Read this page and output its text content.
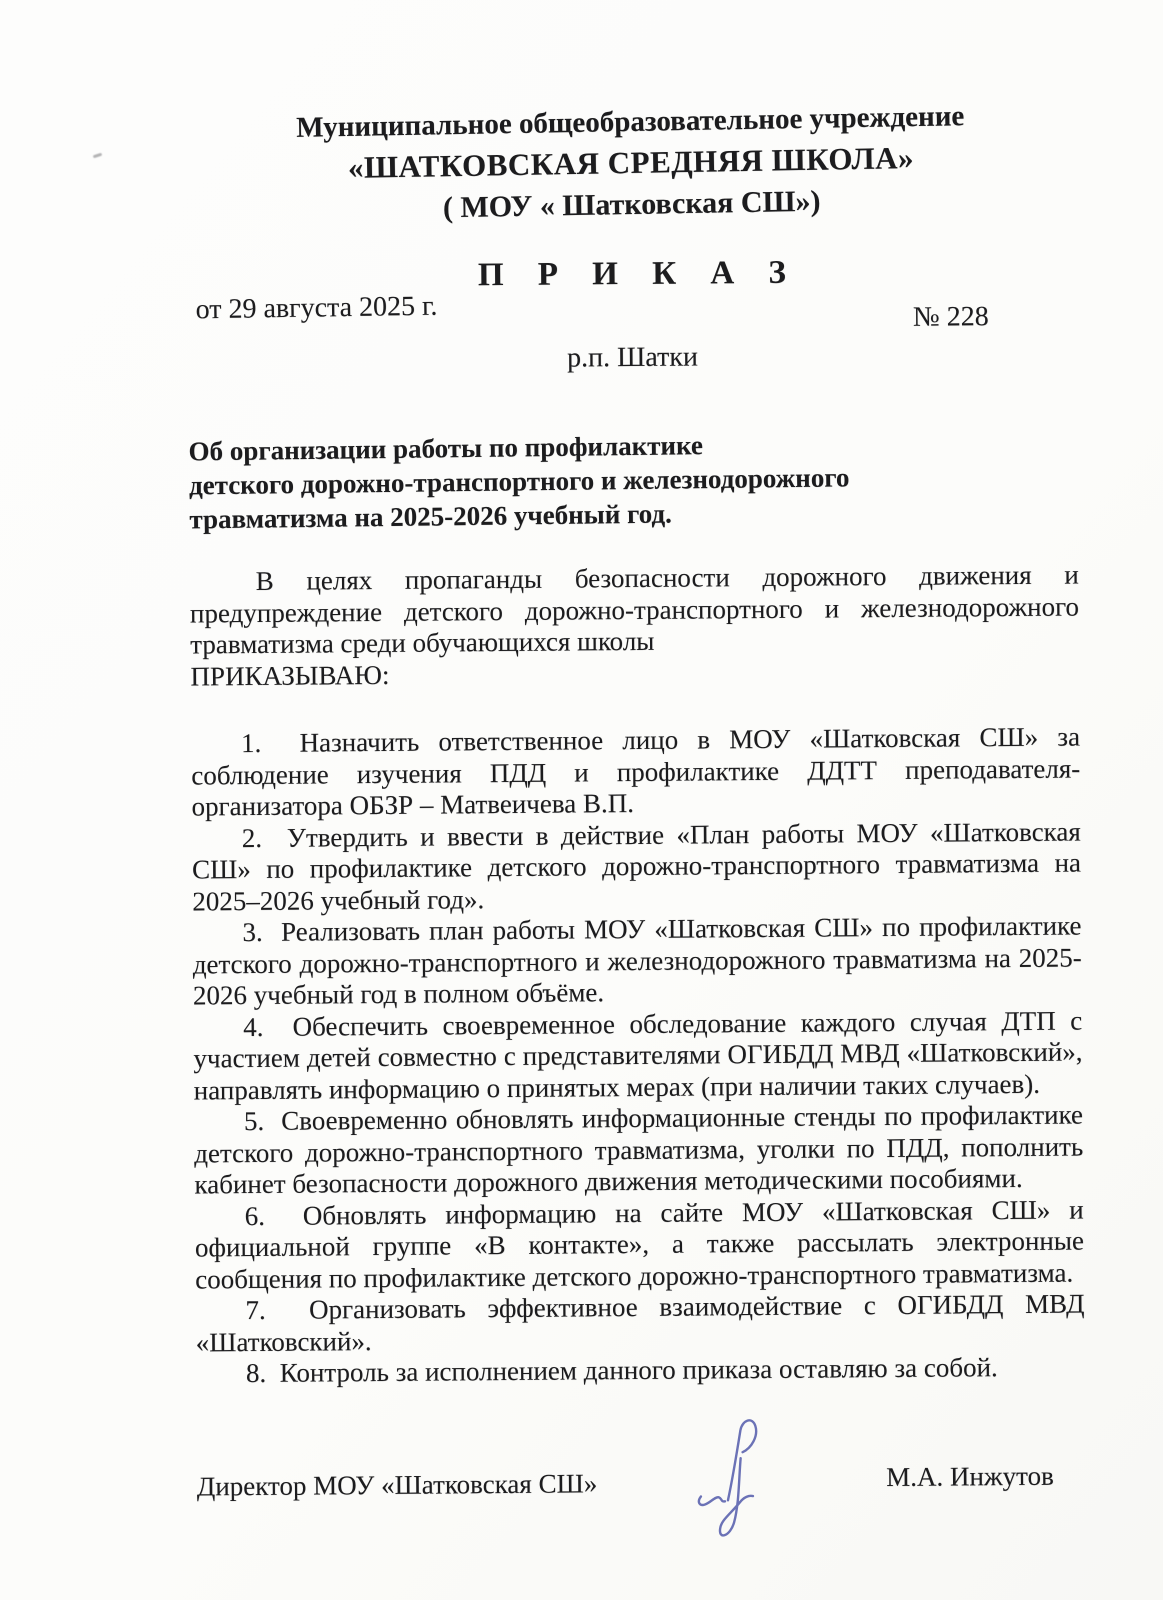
Муниципальное общеобразовательное учреждение
«ШАТКОВСКАЯ СРЕДНЯЯ ШКОЛА»
( МОУ « Шатковская СШ»)
П Р И К А З
от 29 августа 2025 г.	№ 228
р.п. Шатки
Об организации работы по профилактике
детского дорожно-транспортного и железнодорожного
травматизма на 2025-2026 учебный год.

В целях пропаганды безопасности дорожного движения и предупреждение детского дорожно-транспортного и железнодорожного травматизма среди обучающихся школы

ПРИКАЗЫВАЮ:

1.  Назначить ответственное лицо в МОУ «Шатковская СШ» за соблюдение изучения ПДД и профилактике ДДТТ преподавателя-организатора ОБЗР – Матвеичева В.П.

2.  Утвердить и ввести в действие «План работы МОУ «Шатковская СШ» по профилактике детского дорожно-транспортного травматизма на 2025–2026 учебный год».

3.  Реализовать план работы МОУ «Шатковская СШ» по профилактике детского дорожно-транспортного и железнодорожного травматизма на 2025-2026 учебный год в полном объёме.

4.  Обеспечить своевременное обследование каждого случая ДТП с участием детей совместно с представителями ОГИБДД МВД «Шатковский», направлять информацию о принятых мерах (при наличии таких случаев).

5.  Своевременно обновлять информационные стенды по профилактике детского дорожно-транспортного травматизма, уголки по ПДД, пополнить кабинет безопасности дорожного движения методическими пособиями.

6.  Обновлять информацию на сайте МОУ «Шатковская СШ» и официальной группе «В контакте», а также рассылать электронные сообщения по профилактике детского дорожно-транспортного травматизма.

7.  Организовать эффективное взаимодействие с ОГИБДД МВД «Шатковский».

8.  Контроль за исполнением данного приказа оставляю за собой.

Директор МОУ «Шатковская СШ»	М.А. Инжутов
